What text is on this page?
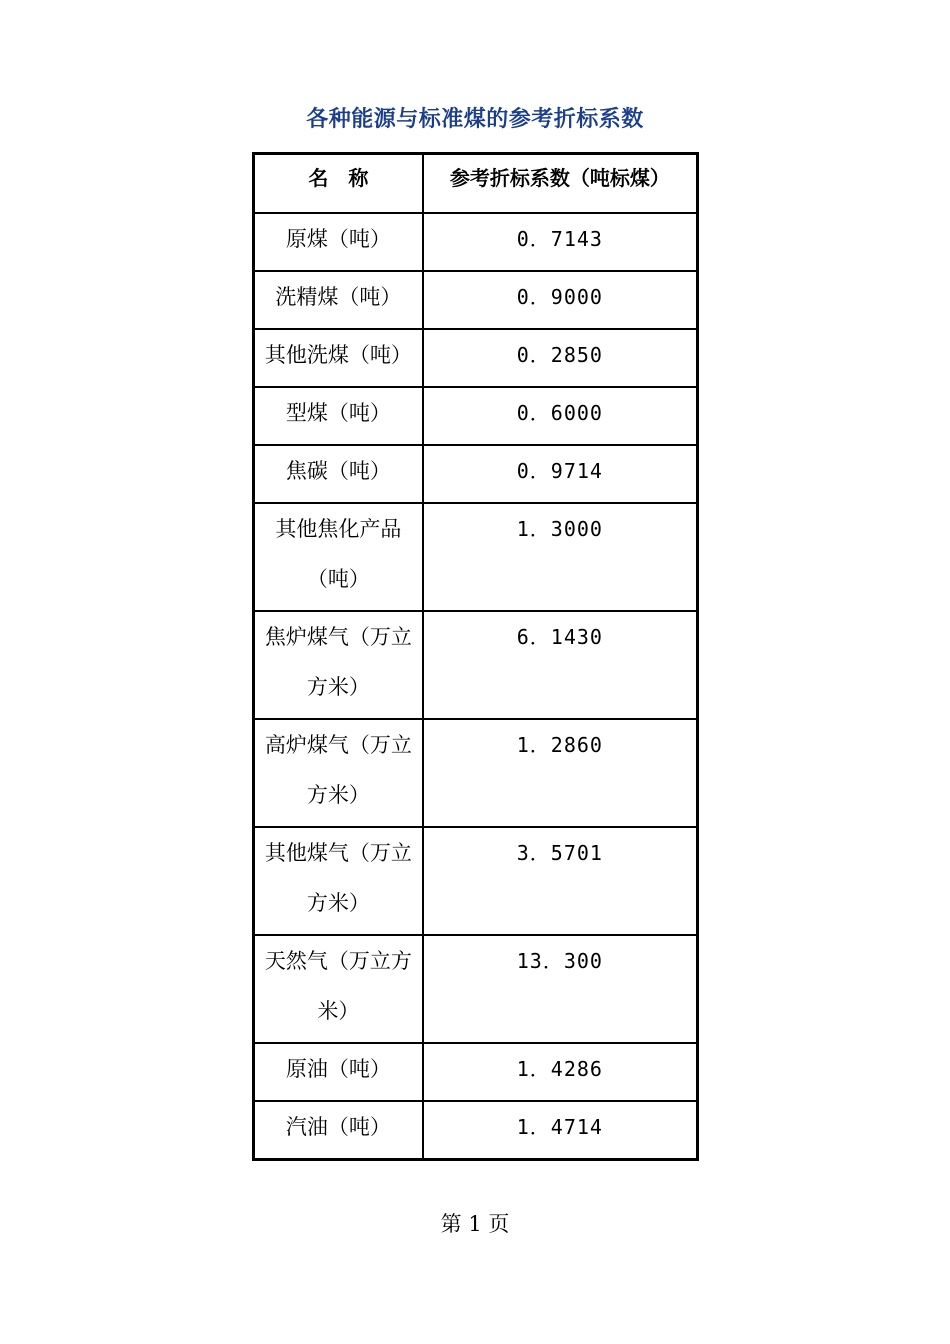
各种能源与标准煤的参考折标系数
名　称	参考折标系数（吨标煤）
原煤（吨）	0．7143
洗精煤（吨）	0．9000
其他洗煤（吨）	0．2850
型煤（吨）	0．6000
焦碳（吨）	0．9714
其他焦化产品（吨）	1．3000
焦炉煤气（万立方米）	6．1430
高炉煤气（万立方米）	1．2860
其他煤气（万立方米）	3．5701
天然气（万立方米）	13．300
原油（吨）	1．4286
汽油（吨）	1．4714
第 1 页
